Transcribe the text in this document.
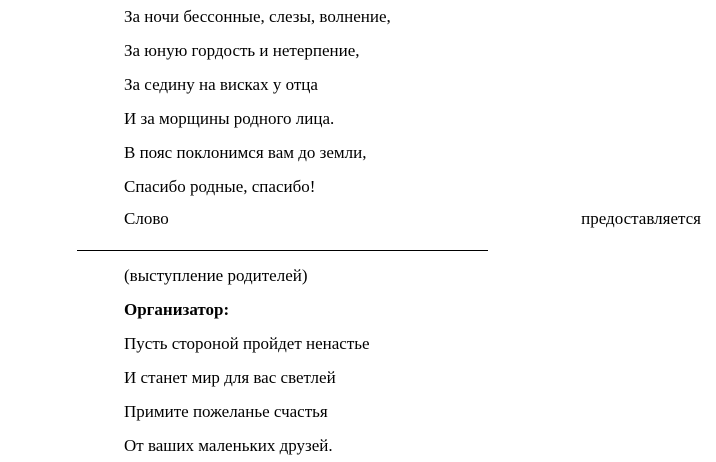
За ночи бессонные, слезы, волнение,
За юную гордость и нетерпение,
За седину на висках у отца
И за морщины родного лица.
В пояс поклонимся вам до земли,
Спасибо родные, спасибо!
Слово	предоставляется
(выступление родителей)
Организатор:
Пусть стороной пройдет ненастье
И станет мир для вас светлей
Примите пожеланье счастья
От ваших маленьких друзей.
